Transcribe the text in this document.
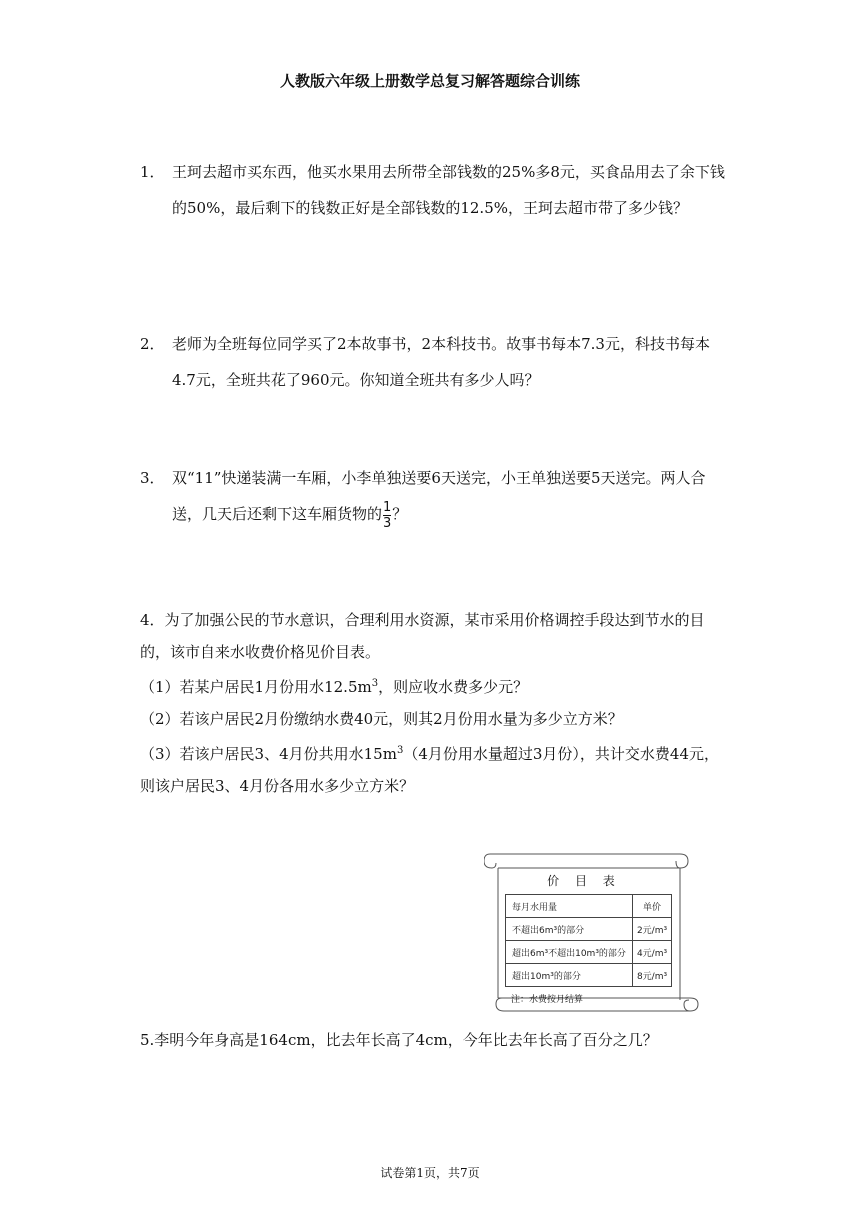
人教版六年级上册数学总复习解答题综合训练
1． 王珂去超市买东西，他买水果用去所带全部钱数的25%多8元，买食品用去了余下钱的50%，最后剩下的钱数正好是全部钱数的12.5%，王珂去超市带了多少钱？
2． 老师为全班每位同学买了2本故事书，2本科技书。故事书每本7.3元，科技书每本4.7元，全班共花了960元。你知道全班共有多少人吗？
3． 双“11”快递装满一车厢，小李单独送要6天送完，小王单独送要5天送完。两人合送，几天后还剩下这车厢货物的 $\frac{1}{3}$ ？

4．为了加强公民的节水意识，合理利用水资源，某市采用价格调控手段达到节水的目的，该市自来水收费价格见价目表。

（1）若某户居民1月份用水$12.5m^3$，则应收水费多少元？

（2）若该户居民2月份缴纳水费40元，则其2月份用水量为多少立方米？

（3）若该户居民3、4月份共用水$15m^3(4$月份用水量超过3月份），共计交水费44元，则该户居民3、4月份各用水多少立方米？

价 目 表
每月水用量	单价
不超出6m³的部分	2元/m³
超出6m³不超出10m³的部分	4元/m³
超出10m³的部分	8元/m³
注：水费按月结算
5.李明今年身高是164cm，比去年长高了4cm，今年比去年长高了百分之几？
试卷第1页，共7页
